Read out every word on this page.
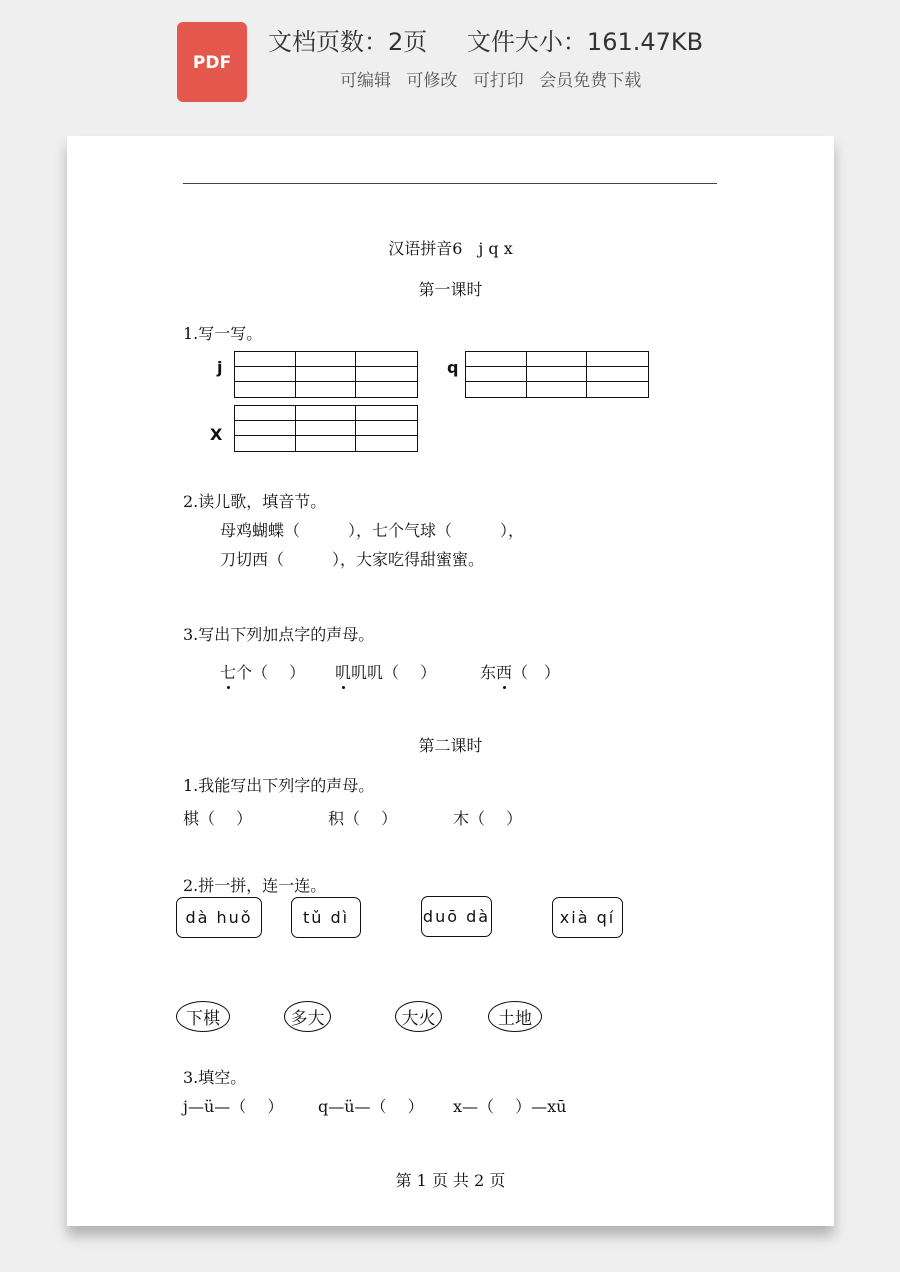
PDF
文档页数：2页 文件大小：161.47KB
可编辑 可修改 可打印 会员免费下载
汉语拼音6　j q x
第一课时
1.写一写。
j	q
X
2.读儿歌，填音节。
母鸡蝴蝶（　　　），七个气球（　　　），
刀切西（　　　），大家吃得甜蜜蜜。
3.写出下列加点字的声母。
七个（　 ） 叽叽叽（　 ）	东西（　）
第二课时
1.我能写出下列字的声母。
棋（　 ）	积（　 ）	木（　 ）
2.拼一拼，连一连。
dà huǒ	tǔ dì	duō dà	xià qí
下棋	多大	大火	土地
3.填空。
j—ü—（　 ） q—ü—（　 ） x—（　 ）—xū
第 1 页 共 2 页
